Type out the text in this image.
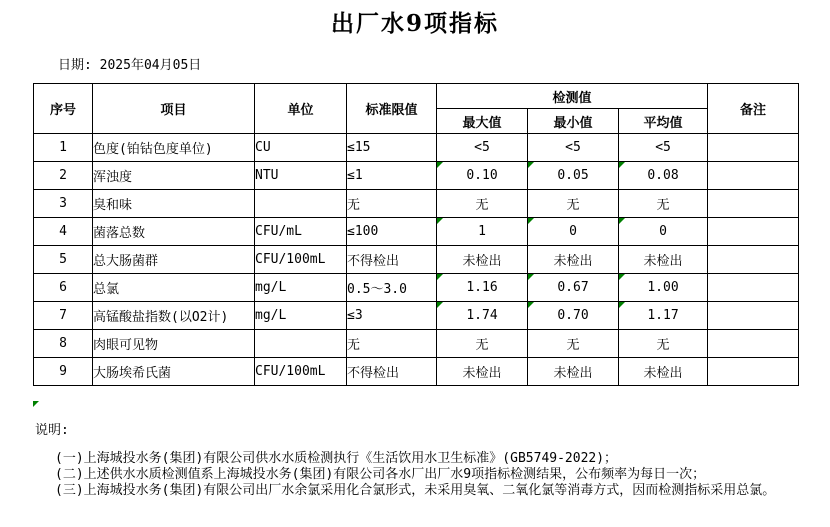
出厂水9项指标
日期: 2025年04月05日
序号	项目	单位	标准限值	检测值			备注
				最大值	最小值	平均值	
1	色度(铂钴色度单位)	CU	≤15	<5	<5	<5	
2	浑浊度	NTU	≤1	0.10	0.05	0.08	
3	臭和味		无	无	无	无	
4	菌落总数	CFU/mL	≤100	1	0	0	
5	总大肠菌群	CFU/100mL	不得检出	未检出	未检出	未检出	
6	总氯	mg/L	0.5～3.0	1.16	0.67	1.00	
7	高锰酸盐指数(以O2计)	mg/L	≤3	1.74	0.70	1.17	
8	肉眼可见物		无	无	无	无	
9	大肠埃希氏菌	CFU/100mL	不得检出	未检出	未检出	未检出	
说明:
(一)上海城投水务(集团)有限公司供水水质检测执行《生活饮用水卫生标准》(GB5749-2022)；
(二)上述供水水质检测值系上海城投水务(集团)有限公司各水厂出厂水9项指标检测结果，公布频率为每日一次；
(三)上海城投水务(集团)有限公司出厂水余氯采用化合氯形式，未采用臭氧、二氧化氯等消毒方式，因而检测指标采用总氯。
